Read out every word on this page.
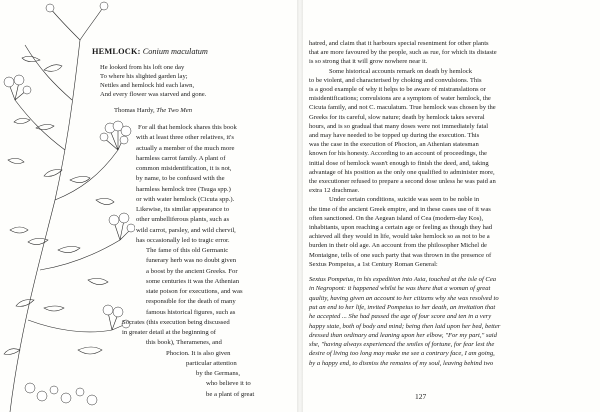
HEMLOCK: Conium maculatum
He looked from his loft one day
To where his slighted garden lay;
Nettles and hemlock hid each lawn,
And every flower was starved and gone.
Thomas Hardy, The Two Men
For all that hemlock shares this book
with at least three other relatives, it's
actually a member of the much more
harmless carrot family. A plant of
common misidentification, it is not,
by name, to be confused with the
harmless hemlock tree (Tsuga spp.)
or with water hemlock (Cicuta spp.).
Likewise, its similar appearance to
other umbelliferous plants, such as
wild carrot, parsley, and wild chervil,
has occasionally led to tragic error.
The fame of this old Germanic
funerary herb was no doubt given
a boost by the ancient Greeks. For
some centuries it was the Athenian
state poison for executions, and was
responsible for the death of many
famous historical figures, such as
Socrates (this execution being discussed
in greater detail at the beginning of
this book), Theramenes, and
Phocion. It is also given
particular attention
by the Germans,
who believe it to
be a plant of great
hatred, and claim that it harbours special resentment for other plants
that are more favoured by the people, such as rue, for which its distaste
is so strong that it will grow nowhere near it.
Some historical accounts remark on death by hemlock
to be violent, and characterised by choking and convulsions. This
is a good example of why it helps to be aware of mistranslations or
misidentifications; convulsions are a symptom of water hemlock, the
Cicuta family, and not C. maculatum. True hemlock was chosen by the
Greeks for its careful, slow nature; death by hemlock takes several
hours, and is so gradual that many doses were not immediately fatal
and may have needed to be topped up during the execution. This
was the case in the execution of Phocion, an Athenian statesman
known for his honesty. According to an account of proceedings, the
initial dose of hemlock wasn't enough to finish the deed, and, taking
advantage of his position as the only one qualified to administer more,
the executioner refused to prepare a second dose unless he was paid an
extra 12 drachmae.
Under certain conditions, suicide was seen to be noble in
the time of the ancient Greek empire, and in these cases use of it was
often sanctioned. On the Aegean island of Cea (modern-day Kos),
inhabitants, upon reaching a certain age or feeling as though they had
achieved all they would in life, would take hemlock so as not to be a
burden in their old age. An account from the philosopher Michel de
Montaigne, tells of one such party that was thrown in the presence of
Sextus Pompeius, a 1st Century Roman General:
Sextus Pompeius, in his expedition into Asia, touched at the isle of Cea
in Negropont: it happened whilst he was there that a woman of great
quality, having given an account to her citizens why she was resolved to
put an end to her life, invited Pompeius to her death, an invitation that
he accepted ... She had passed the age of four score and ten in a very
happy state, both of body and mind; being then laid upon her bed, better
dressed than ordinary and leaning upon her elbow, "For my part," said
she, "having always experienced the smiles of fortune, for fear lest the
desire of living too long may make me see a contrary face, I am going,
by a happy end, to dismiss the remains of my soul, leaving behind two
127
